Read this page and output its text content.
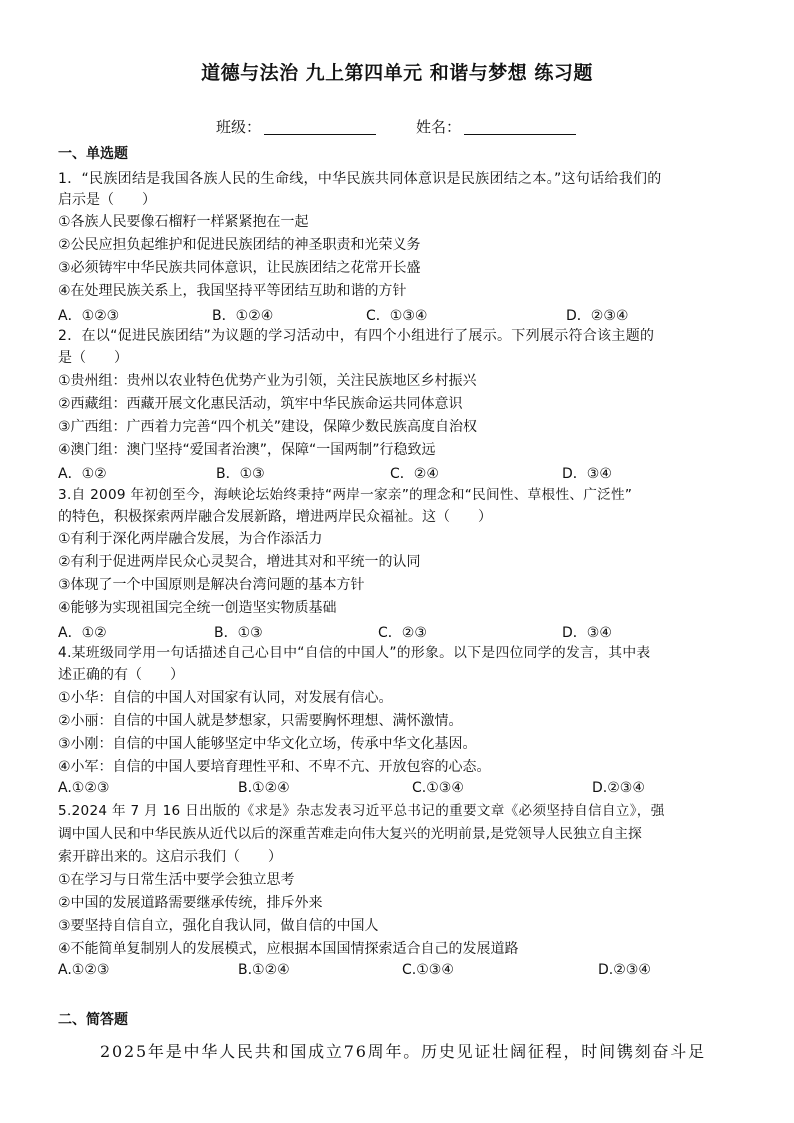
道德与法治 九上第四单元 和谐与梦想 练习题
班级：	姓名：
一、单选题
1．“民族团结是我国各族人民的生命线，中华民族共同体意识是民族团结之本。”这句话给我们的
启示是（　　）
①各族人民要像石榴籽一样紧紧抱在一起
②公民应担负起维护和促进民族团结的神圣职责和光荣义务
③必须铸牢中华民族共同体意识，让民族团结之花常开长盛
④在处理民族关系上，我国坚持平等团结互助和谐的方针
A．①②③	B．①②④	C．①③④	D．②③④
2．在以“促进民族团结”为议题的学习活动中，有四个小组进行了展示。下列展示符合该主题的
是（　　）
①贵州组：贵州以农业特色优势产业为引领，关注民族地区乡村振兴
②西藏组：西藏开展文化惠民活动，筑牢中华民族命运共同体意识
③广西组：广西着力完善“四个机关”建设，保障少数民族高度自治权
④澳门组：澳门坚持“爱国者治澳”，保障“一国两制”行稳致远
A．①②	B．①③	C．②④	D．③④
3.自 2009 年初创至今，海峡论坛始终秉持“两岸一家亲”的理念和“民间性、草根性、广泛性”
的特色，积极探索两岸融合发展新路，增进两岸民众福祉。这（　　）
①有利于深化两岸融合发展，为合作添活力
②有利于促进两岸民众心灵契合，增进其对和平统一的认同
③体现了一个中国原则是解决台湾问题的基本方针
④能够为实现祖国完全统一创造坚实物质基础
A．①②	B．①③	C．②③	D．③④
4.某班级同学用一句话描述自己心目中“自信的中国人”的形象。以下是四位同学的发言，其中表
述正确的有（　　）
①小华：自信的中国人对国家有认同，对发展有信心。
②小丽：自信的中国人就是梦想家，只需要胸怀理想、满怀激情。
③小刚：自信的中国人能够坚定中华文化立场，传承中华文化基因。
④小军：自信的中国人要培育理性平和、不卑不亢、开放包容的心态。
A.①②③	B.①②④	C.①③④	D.②③④
5.2024 年 7 月 16 日出版的《求是》杂志发表习近平总书记的重要文章《必须坚持自信自立》，强
调中国人民和中华民族从近代以后的深重苦难走向伟大复兴的光明前景,是党领导人民独立自主探
索开辟出来的。这启示我们（　　）
①在学习与日常生活中要学会独立思考
②中国的发展道路需要继承传统，排斥外来
③要坚持自信自立，强化自我认同，做自信的中国人
④不能简单复制别人的发展模式，应根据本国国情探索适合自己的发展道路
A.①②③	B.①②④	C.①③④	D.②③④
二、简答题
2025年是中华人民共和国成立76周年。历史见证壮阔征程，时间镌刻奋斗足
